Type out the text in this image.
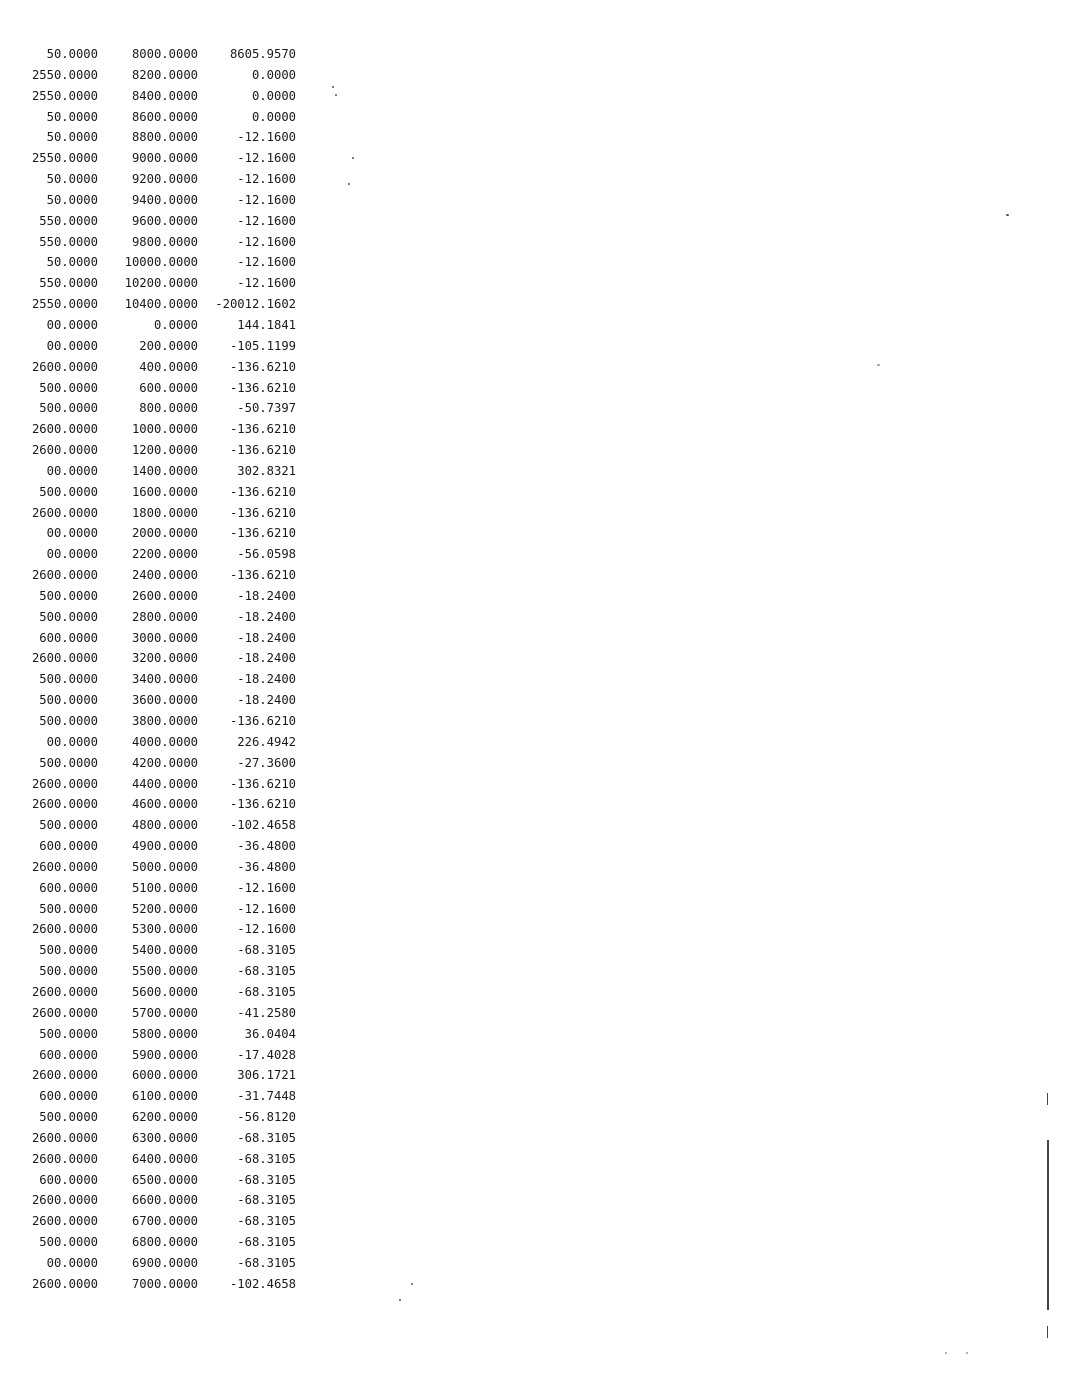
50.0000	8000.0000	8605.9570
2550.0000	8200.0000	0.0000
2550.0000	8400.0000	0.0000
50.0000	8600.0000	0.0000
50.0000	8800.0000	-12.1600
2550.0000	9000.0000	-12.1600
50.0000	9200.0000	-12.1600
50.0000	9400.0000	-12.1600
550.0000	9600.0000	-12.1600
550.0000	9800.0000	-12.1600
50.0000	10000.0000	-12.1600
550.0000	10200.0000	-12.1600
2550.0000	10400.0000	-20012.1602
00.0000	0.0000	144.1841
00.0000	200.0000	-105.1199
2600.0000	400.0000	-136.6210
500.0000	600.0000	-136.6210
500.0000	800.0000	-50.7397
2600.0000	1000.0000	-136.6210
2600.0000	1200.0000	-136.6210
00.0000	1400.0000	302.8321
500.0000	1600.0000	-136.6210
2600.0000	1800.0000	-136.6210
00.0000	2000.0000	-136.6210
00.0000	2200.0000	-56.0598
2600.0000	2400.0000	-136.6210
500.0000	2600.0000	-18.2400
500.0000	2800.0000	-18.2400
600.0000	3000.0000	-18.2400
2600.0000	3200.0000	-18.2400
500.0000	3400.0000	-18.2400
500.0000	3600.0000	-18.2400
500.0000	3800.0000	-136.6210
00.0000	4000.0000	226.4942
500.0000	4200.0000	-27.3600
2600.0000	4400.0000	-136.6210
2600.0000	4600.0000	-136.6210
500.0000	4800.0000	-102.4658
600.0000	4900.0000	-36.4800
2600.0000	5000.0000	-36.4800
600.0000	5100.0000	-12.1600
500.0000	5200.0000	-12.1600
2600.0000	5300.0000	-12.1600
500.0000	5400.0000	-68.3105
500.0000	5500.0000	-68.3105
2600.0000	5600.0000	-68.3105
2600.0000	5700.0000	-41.2580
500.0000	5800.0000	36.0404
600.0000	5900.0000	-17.4028
2600.0000	6000.0000	306.1721
600.0000	6100.0000	-31.7448
500.0000	6200.0000	-56.8120
2600.0000	6300.0000	-68.3105
2600.0000	6400.0000	-68.3105
600.0000	6500.0000	-68.3105
2600.0000	6600.0000	-68.3105
2600.0000	6700.0000	-68.3105
500.0000	6800.0000	-68.3105
00.0000	6900.0000	-68.3105
2600.0000	7000.0000	-102.4658
